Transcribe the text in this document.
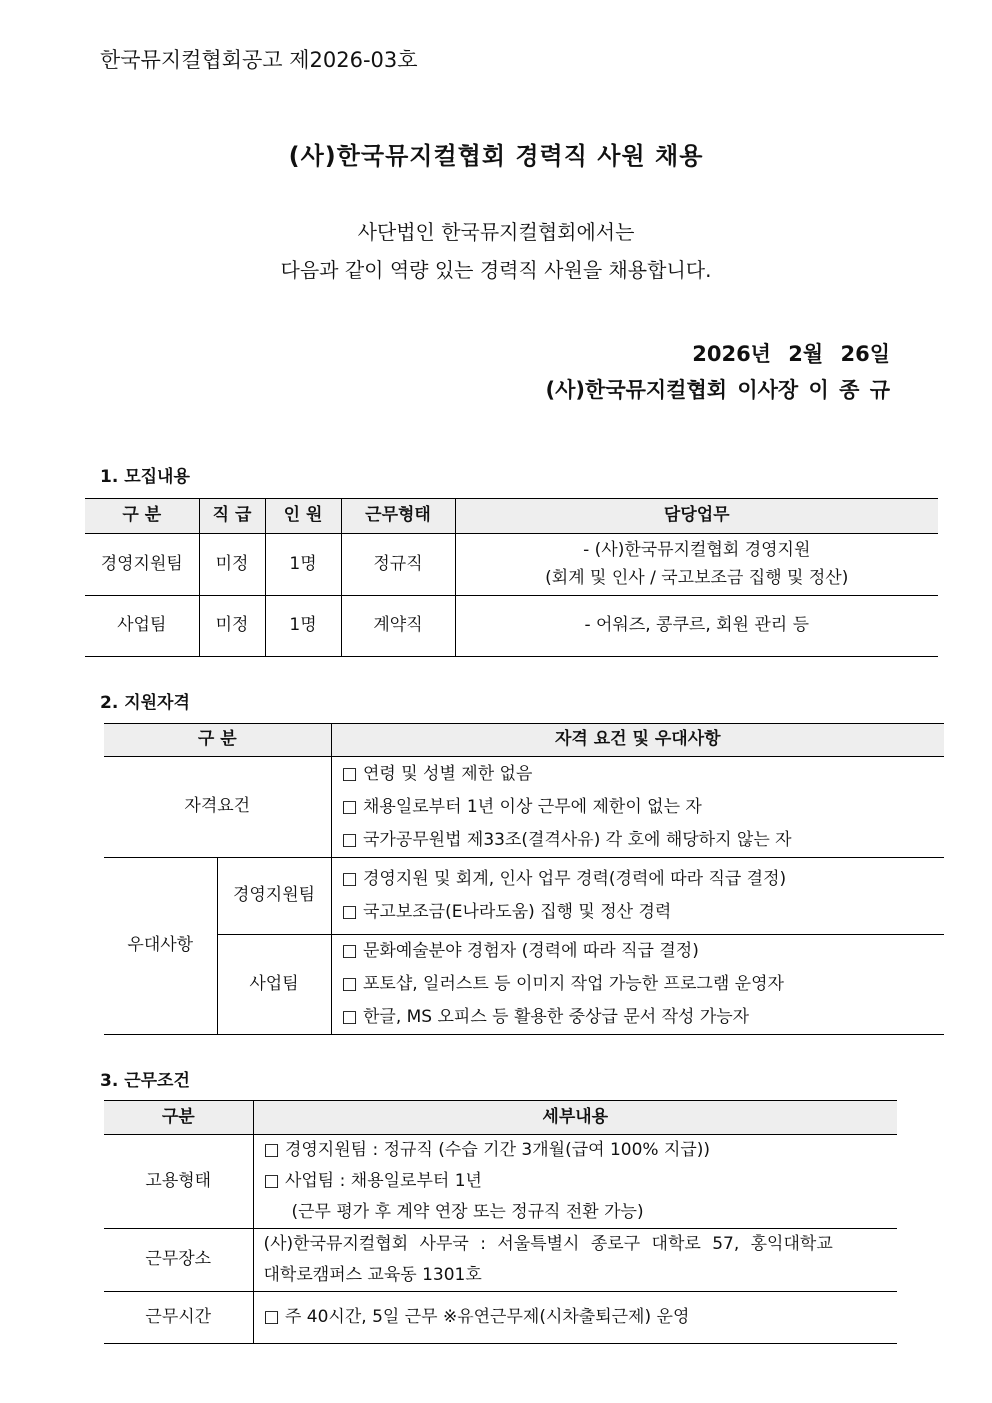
한국뮤지컬협회공고 제2026-03호
(사)한국뮤지컬협회 경력직 사원 채용
사단법인 한국뮤지컬협회에서는
다음과 같이 역량 있는 경력직 사원을 채용합니다.
2026년 2월 26일
(사)한국뮤지컬협회 이사장 이 종 규
1. 모집내용
구 분	직 급	인 원	근무형태	담당업무
경영지원팀	미정	1명	정규직	- (사)한국뮤지컬협회 경영지원
(회계 및 인사 / 국고보조금 집행 및 정산)

사업팀	미정	1명	계약직	- 어워즈, 콩쿠르, 회원 관리 등
2. 지원자격
구 분		자격 요건 및 우대사항
자격요건		□ 연령 및 성별 제한 없음
□ 채용일로부터 1년 이상 근무에 제한이 없는 자
□ 국가공무원법 제33조(결격사유) 각 호에 해당하지 않는 자

우대사항	경영지원팀	□ 경영지원 및 회계, 인사 업무 경력(경력에 따라 직급 결정)
□ 국고보조금(E나라도움) 집행 및 정산 경력

	사업팀	□ 문화예술분야 경험자 (경력에 따라 직급 결정)
□ 포토샵, 일러스트 등 이미지 작업 가능한 프로그램 운영자
□ 한글, MS 오피스 등 활용한 중상급 문서 작성 가능자
3. 근무조건
구분	세부내용
고용형태	□ 경영지원팀 : 정규직 (수습 기간 3개월(급여 100% 지급))
□ 사업팀 : 채용일로부터 1년
(근무 평가 후 계약 연장 또는 정규직 전환 가능)

근무장소	(사)한국뮤지컬협회 사무국 : 서울특별시 종로구 대학로 57, 홍익대학교
대학로캠퍼스 교육동 1301호

근무시간	□ 주 40시간, 5일 근무 ※유연근무제(시차출퇴근제) 운영
